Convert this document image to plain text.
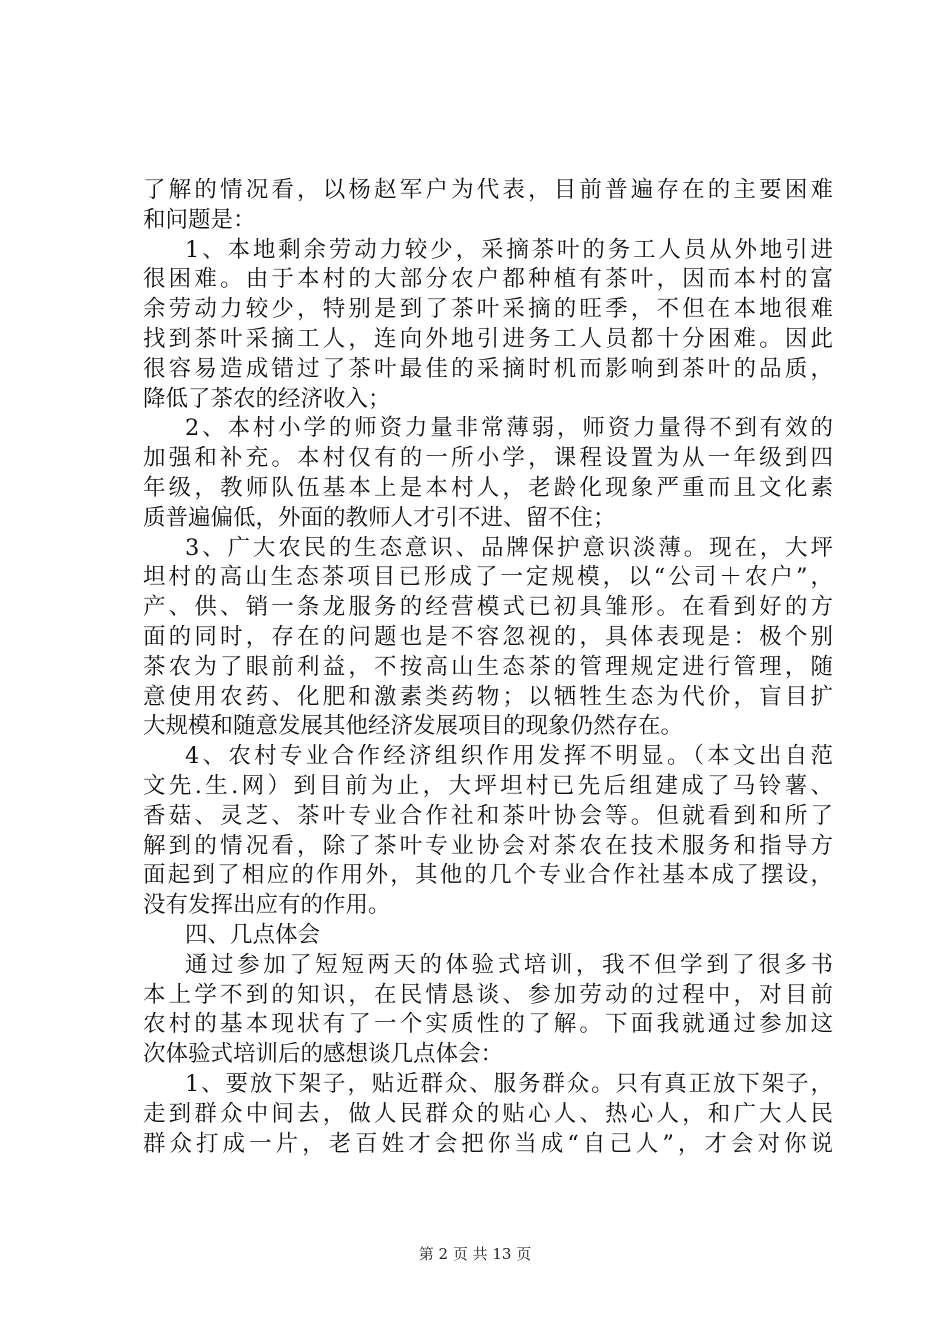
了解的情况看，以杨赵军户为代表，目前普遍存在的主要困难
和问题是：
1、本地剩余劳动力较少，采摘茶叶的务工人员从外地引进
很困难。由于本村的大部分农户都种植有茶叶，因而本村的富
余劳动力较少，特别是到了茶叶采摘的旺季，不但在本地很难
找到茶叶采摘工人，连向外地引进务工人员都十分困难。因此
很容易造成错过了茶叶最佳的采摘时机而影响到茶叶的品质，
降低了茶农的经济收入；
2、本村小学的师资力量非常薄弱，师资力量得不到有效的
加强和补充。本村仅有的一所小学，课程设置为从一年级到四
年级，教师队伍基本上是本村人，老龄化现象严重而且文化素
质普遍偏低，外面的教师人才引不进、留不住；
3、广大农民的生态意识、品牌保护意识淡薄。现在，大坪
坦村的高山生态茶项目已形成了一定规模，以“公司＋农户”，
产、供、销一条龙服务的经营模式已初具雏形。在看到好的方
面的同时，存在的问题也是不容忽视的，具体表现是：极个别
茶农为了眼前利益，不按高山生态茶的管理规定进行管理，随
意使用农药、化肥和激素类药物；以牺牲生态为代价，盲目扩
大规模和随意发展其他经济发展项目的现象仍然存在。
4、农村专业合作经济组织作用发挥不明显。（本文出自范
文先.生.网）到目前为止，大坪坦村已先后组建成了马铃薯、
香菇、灵芝、茶叶专业合作社和茶叶协会等。但就看到和所了
解到的情况看，除了茶叶专业协会对茶农在技术服务和指导方
面起到了相应的作用外，其他的几个专业合作社基本成了摆设，
没有发挥出应有的作用。
四、几点体会
通过参加了短短两天的体验式培训，我不但学到了很多书
本上学不到的知识，在民情恳谈、参加劳动的过程中，对目前
农村的基本现状有了一个实质性的了解。下面我就通过参加这
次体验式培训后的感想谈几点体会：
1、要放下架子，贴近群众、服务群众。只有真正放下架子，
走到群众中间去，做人民群众的贴心人、热心人，和广大人民
群众打成一片，老百姓才会把你当成“自己人”，才会对你说
第 2 页 共 13 页
